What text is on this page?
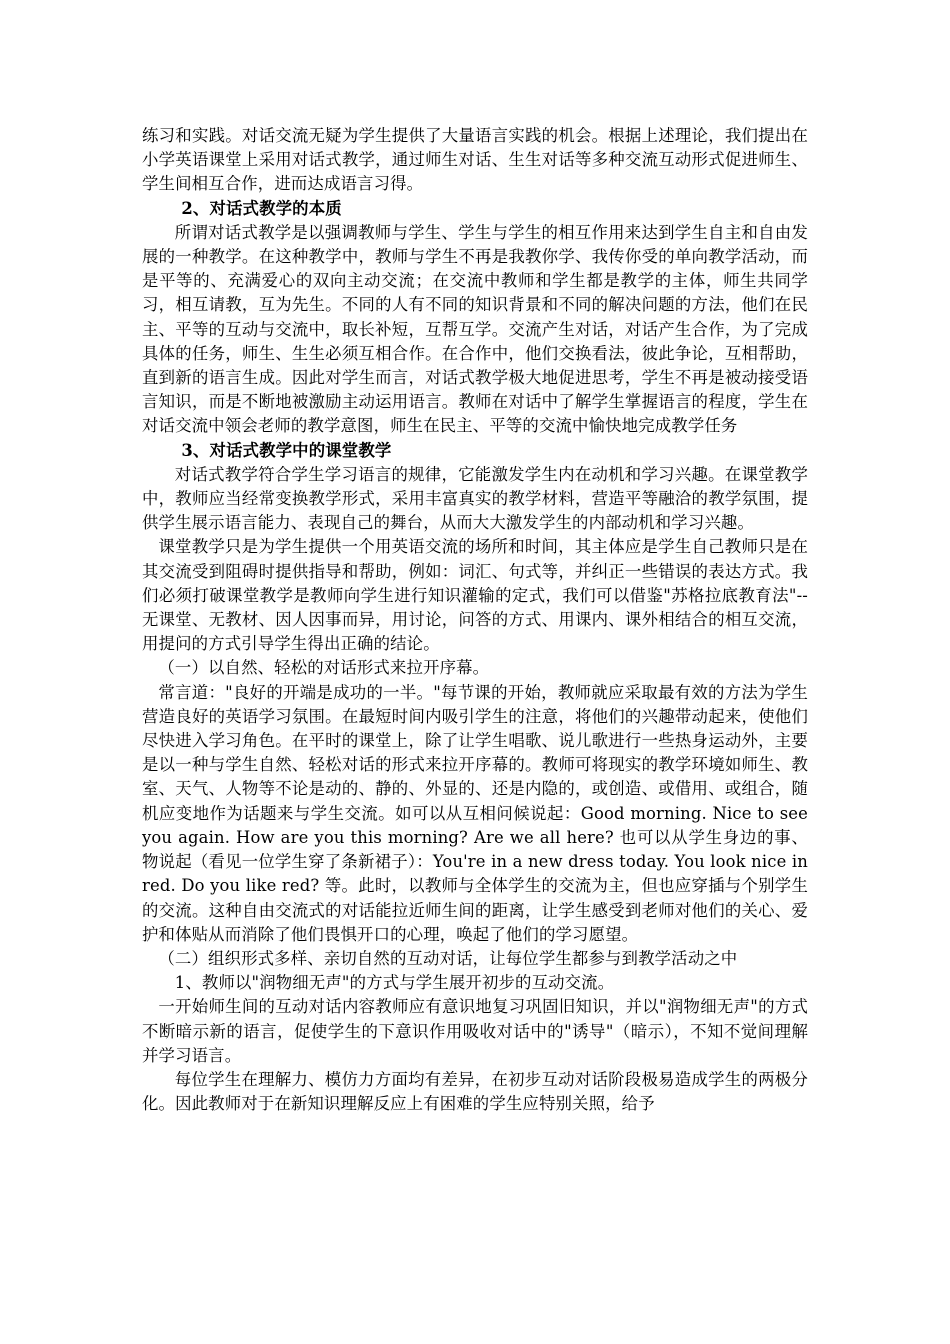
练习和实践。对话交流无疑为学生提供了大量语言实践的机会。根据上述理论，我们提出在小学英语课堂上采用对话式教学，通过师生对话、生生对话等多种交流互动形式促进师生、学生间相互合作，进而达成语言习得。

2、对话式教学的本质

所谓对话式教学是以强调教师与学生、学生与学生的相互作用来达到学生自主和自由发展的一种教学。在这种教学中，教师与学生不再是我教你学、我传你受的单向教学活动，而是平等的、充满爱心的双向主动交流；在交流中教师和学生都是教学的主体，师生共同学习，相互请教，互为先生。不同的人有不同的知识背景和不同的解决问题的方法，他们在民主、平等的互动与交流中，取长补短，互帮互学。交流产生对话，对话产生合作，为了完成具体的任务，师生、生生必须互相合作。在合作中，他们交换看法，彼此争论，互相帮助，直到新的语言生成。因此对学生而言，对话式教学极大地促进思考，学生不再是被动接受语言知识，而是不断地被激励主动运用语言。教师在对话中了解学生掌握语言的程度，学生在对话交流中领会老师的教学意图，师生在民主、平等的交流中愉快地完成教学任务

3、对话式教学中的课堂教学

对话式教学符合学生学习语言的规律，它能激发学生内在动机和学习兴趣。在课堂教学中，教师应当经常变换教学形式，采用丰富真实的教学材料，营造平等融洽的教学氛围，提供学生展示语言能力、表现自己的舞台，从而大大激发学生的内部动机和学习兴趣。

课堂教学只是为学生提供一个用英语交流的场所和时间，其主体应是学生自己教师只是在其交流受到阻碍时提供指导和帮助，例如：词汇、句式等，并纠正一些错误的表达方式。我们必须打破课堂教学是教师向学生进行知识灌输的定式，我们可以借鉴"苏格拉底教育法"--无课堂、无教材、因人因事而异，用讨论，问答的方式、用课内、课外相结合的相互交流，用提问的方式引导学生得出正确的结论。

（一）以自然、轻松的对话形式来拉开序幕。

常言道："良好的开端是成功的一半。"每节课的开始，教师就应采取最有效的方法为学生营造良好的英语学习氛围。在最短时间内吸引学生的注意，将他们的兴趣带动起来，使他们尽快进入学习角色。在平时的课堂上，除了让学生唱歌、说儿歌进行一些热身运动外，主要是以一种与学生自然、轻松对话的形式来拉开序幕的。教师可将现实的教学环境如师生、教室、天气、人物等不论是动的、静的、外显的、还是内隐的，或创造、或借用、或组合，随机应变地作为话题来与学生交流。如可以从互相问候说起：Good morning. Nice to see you again. How are you this morning? Are we all here? 也可以从学生身边的事、物说起（看见一位学生穿了条新裙子）：You're in a new dress today. You look nice in red. Do you like red? 等。此时，以教师与全体学生的交流为主，但也应穿插与个别学生的交流。这种自由交流式的对话能拉近师生间的距离，让学生感受到老师对他们的关心、爱护和体贴从而消除了他们畏惧开口的心理，唤起了他们的学习愿望。

（二）组织形式多样、亲切自然的互动对话，让每位学生都参与到教学活动之中

1、教师以"润物细无声"的方式与学生展开初步的互动交流。

一开始师生间的互动对话内容教师应有意识地复习巩固旧知识，并以"润物细无声"的方式不断暗示新的语言，促使学生的下意识作用吸收对话中的"诱导"（暗示），不知不觉间理解并学习语言。

每位学生在理解力、模仿力方面均有差异，在初步互动对话阶段极易造成学生的两极分化。因此教师对于在新知识理解反应上有困难的学生应特别关照，给予
